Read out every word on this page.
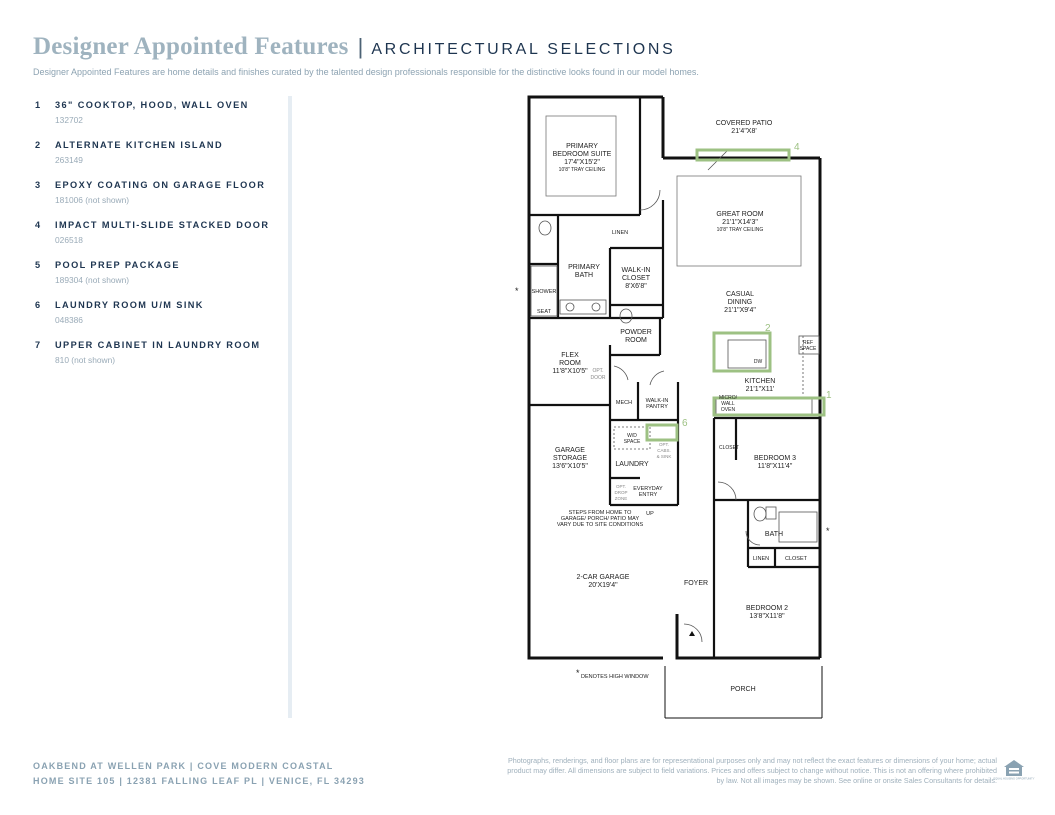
Designer Appointed Features | ARCHITECTURAL SELECTIONS
Designer Appointed Features are home details and finishes curated by the talented design professionals responsible for the distinctive looks found in our model homes.
1	36" COOKTOP, HOOD, WALL OVEN
132702
2	ALTERNATE KITCHEN ISLAND
263149
3	EPOXY COATING ON GARAGE FLOOR
181006 (not shown)
4	IMPACT MULTI-SLIDE STACKED DOOR
026518
5	POOL PREP PACKAGE
189304 (not shown)
6	LAUNDRY ROOM U/M SINK
048386
7	UPPER CABINET IN LAUNDRY ROOM
810 (not shown)
4
2
1
6
COVERED PATIO
21'4"X8'
PRIMARY
BEDROOM SUITE
17'4"X15'2"
10'8" TRAY CEILING
GREAT ROOM
21'1"X14'3"
10'8" TRAY CEILING
LINEN
PRIMARY
BATH
WALK-IN
CLOSET
8'X6'8"
SHOWER
SEAT
CASUAL
DINING
21'1"X9'4"
POWDER
ROOM
FLEX
ROOM
11'8"X10'5" OPT.
DOOR
REF
SPACE
DW
KITCHEN
21'1"X11'
MICRO/
WALL
OVEN
MECH WALK-IN
PANTRY
W/D
SPACE	OPT.
CABS.
& SINK
LAUNDRY
GARAGE
STORAGE
13'6"X10'5"
CLOSET
BEDROOM 3
11'8"X11'4"
OPT.
DROP
ZONE
EVERYDAY
ENTRY
UP
STEPS FROM HOME TO
GARAGE/ PORCH/ PATIO MAY
VARY DUE TO SITE CONDITIONS
BATH
LINEN	CLOSET
2-CAR GARAGE
20'X19'4"	FOYER
BEDROOM 2
13'8"X11'8"
PORCH
*
*
* DENOTES HIGH WINDOW
OAKBEND AT WELLEN PARK | COVE MODERN COASTAL
HOME SITE 105 | 12381 FALLING LEAF PL | VENICE, FL 34293
Photographs, renderings, and floor plans are for representational purposes only and may not reflect the exact features or dimensions of your home; actual product may differ. All dimensions are subject to field variations. Prices and offers subject to change without notice. This is not an offering where prohibited by law. Not all images may be shown. See online or onsite Sales Consultants for details.
EQUAL HOUSING OPPORTUNITY
